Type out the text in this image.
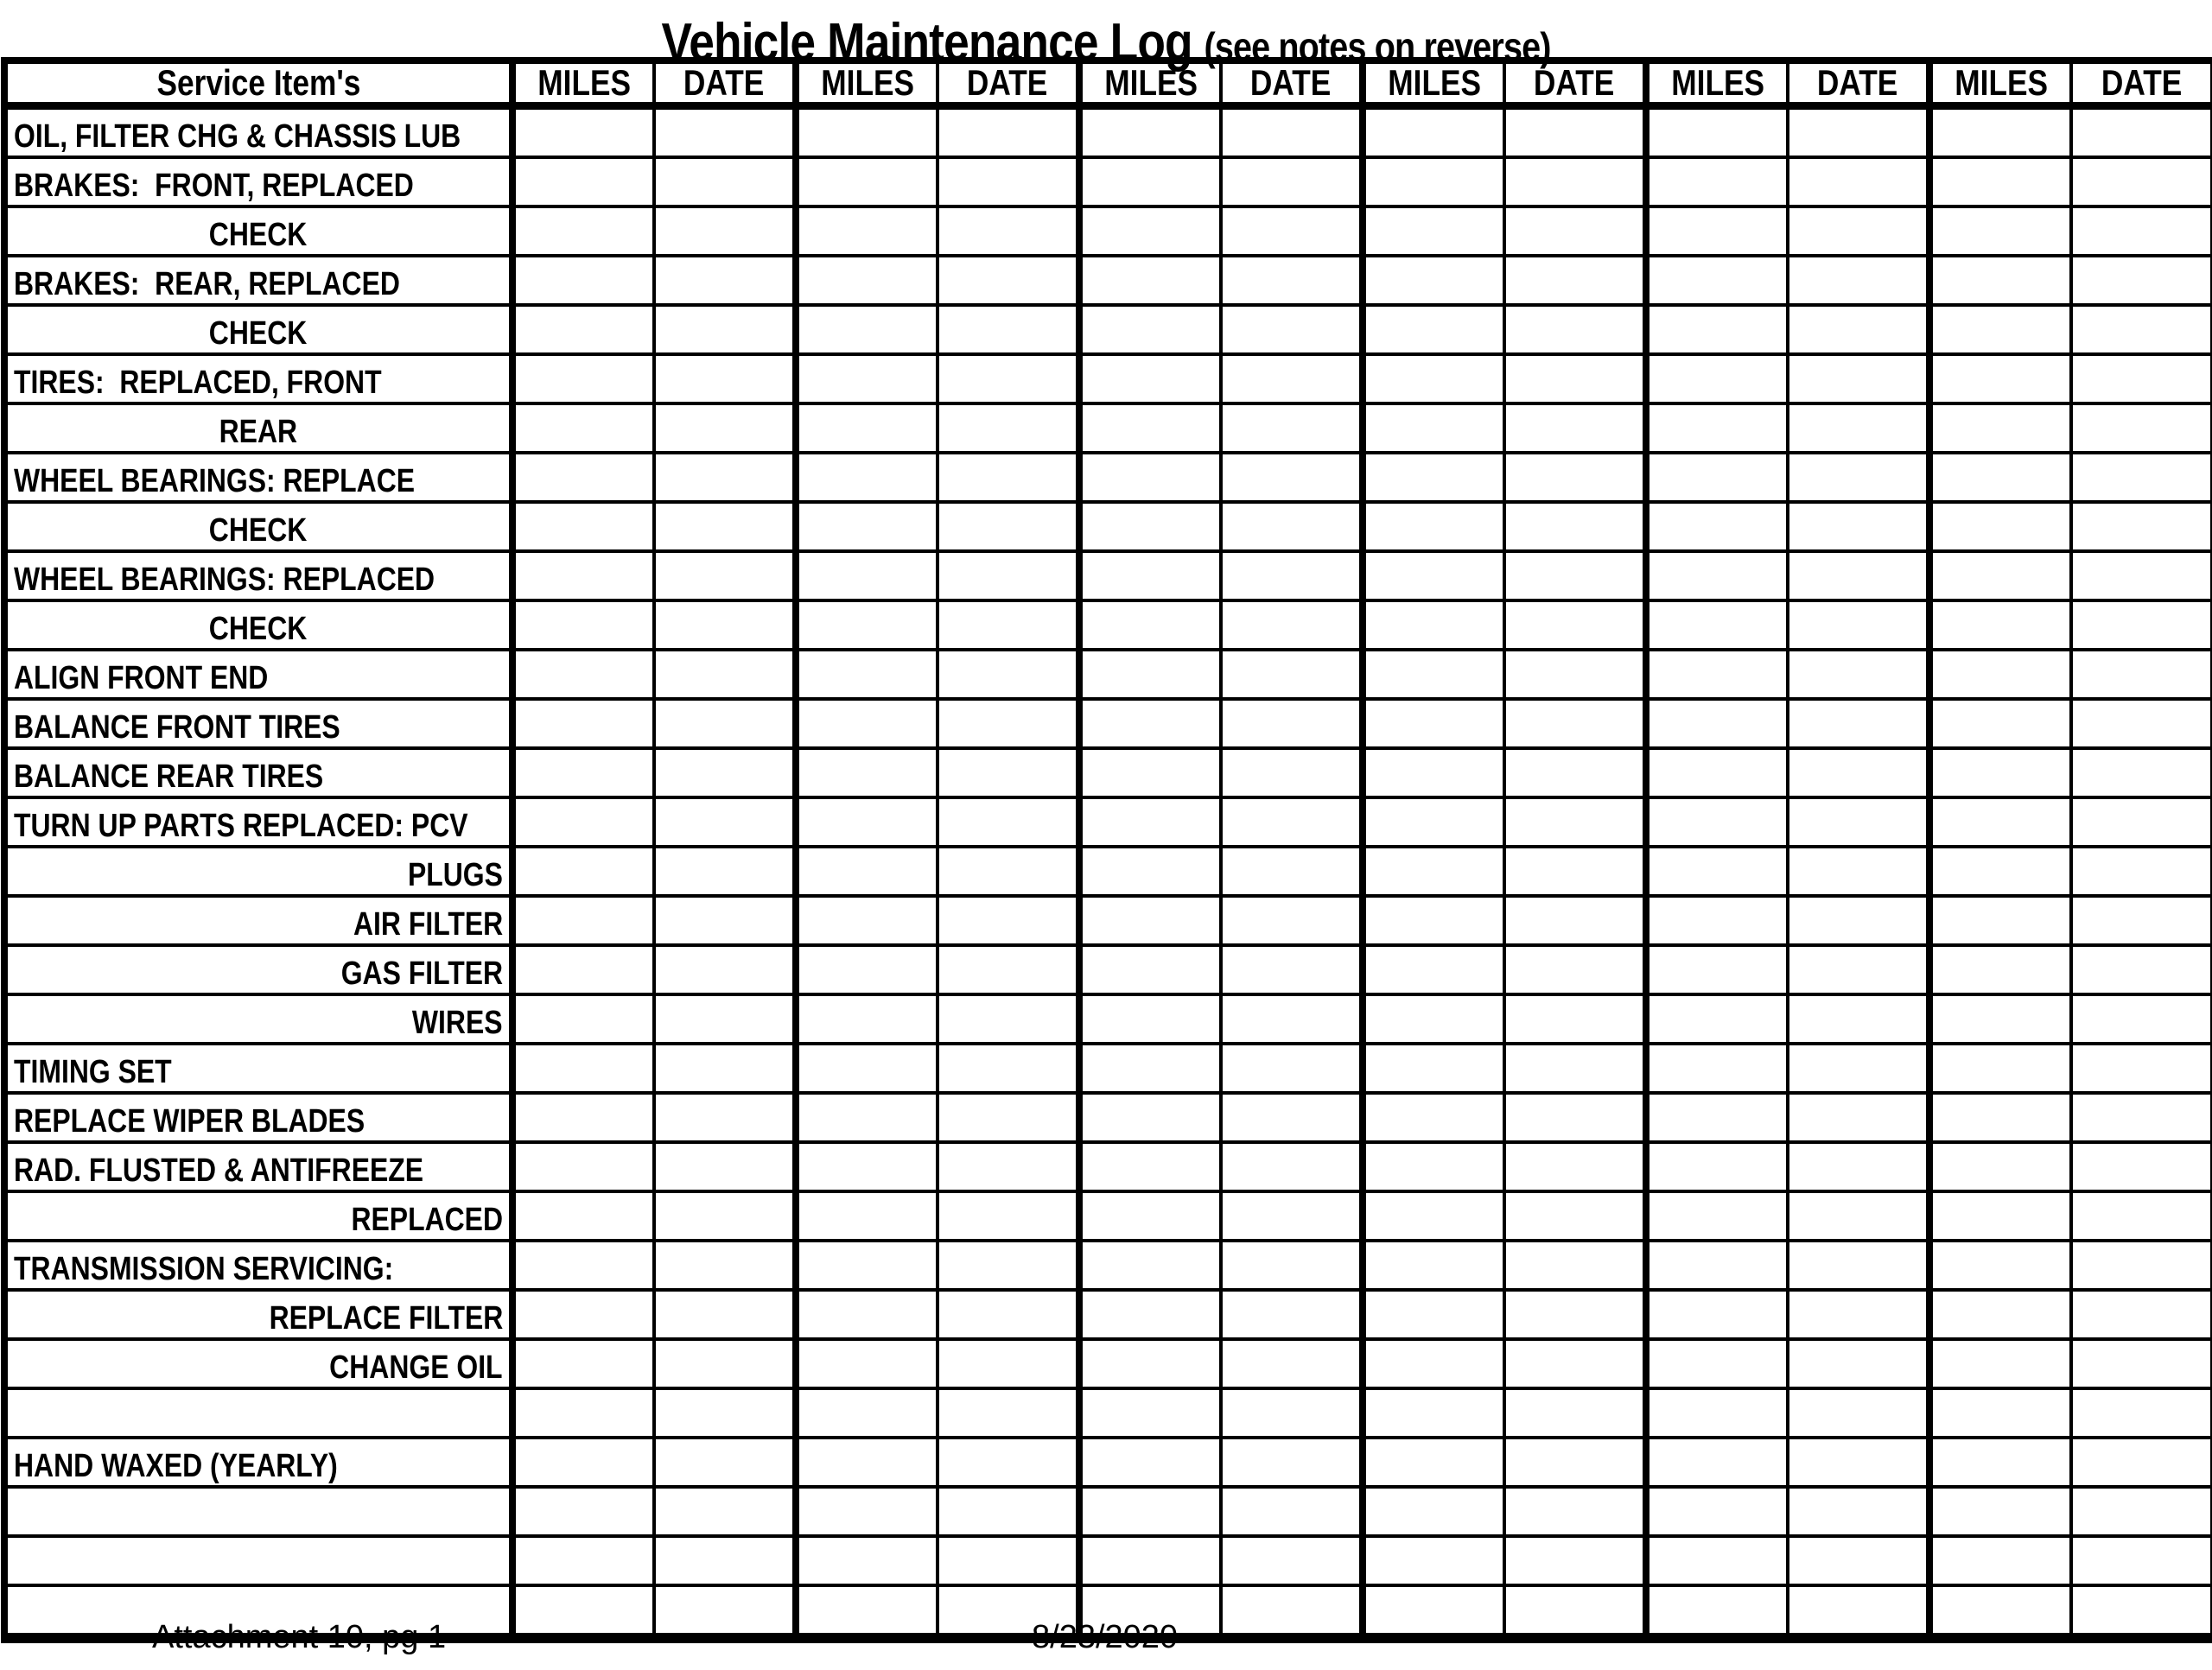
Vehicle Maintenance Log (see notes on reverse)
Service Item's	MILES	DATE	MILES	DATE	MILES	DATE	MILES	DATE	MILES	DATE	MILES	DATE
OIL, FILTER CHG & CHASSIS LUB												
BRAKES:  FRONT, REPLACED												
CHECK												
BRAKES:  REAR, REPLACED												
CHECK												
TIRES:  REPLACED, FRONT												
REAR												
WHEEL BEARINGS: REPLACE												
CHECK												
WHEEL BEARINGS: REPLACED												
CHECK												
ALIGN FRONT END												
BALANCE FRONT TIRES												
BALANCE REAR TIRES												
TURN UP PARTS REPLACED: PCV												
PLUGS												
AIR FILTER												
GAS FILTER												
WIRES												
TIMING SET												
REPLACE WIPER BLADES												
RAD. FLUSTED & ANTIFREEZE												
REPLACED												
TRANSMISSION SERVICING:												
REPLACE FILTER												
CHANGE OIL												

HAND WAXED (YEARLY)												

Attachment 10, pg 1	8/23/2020
